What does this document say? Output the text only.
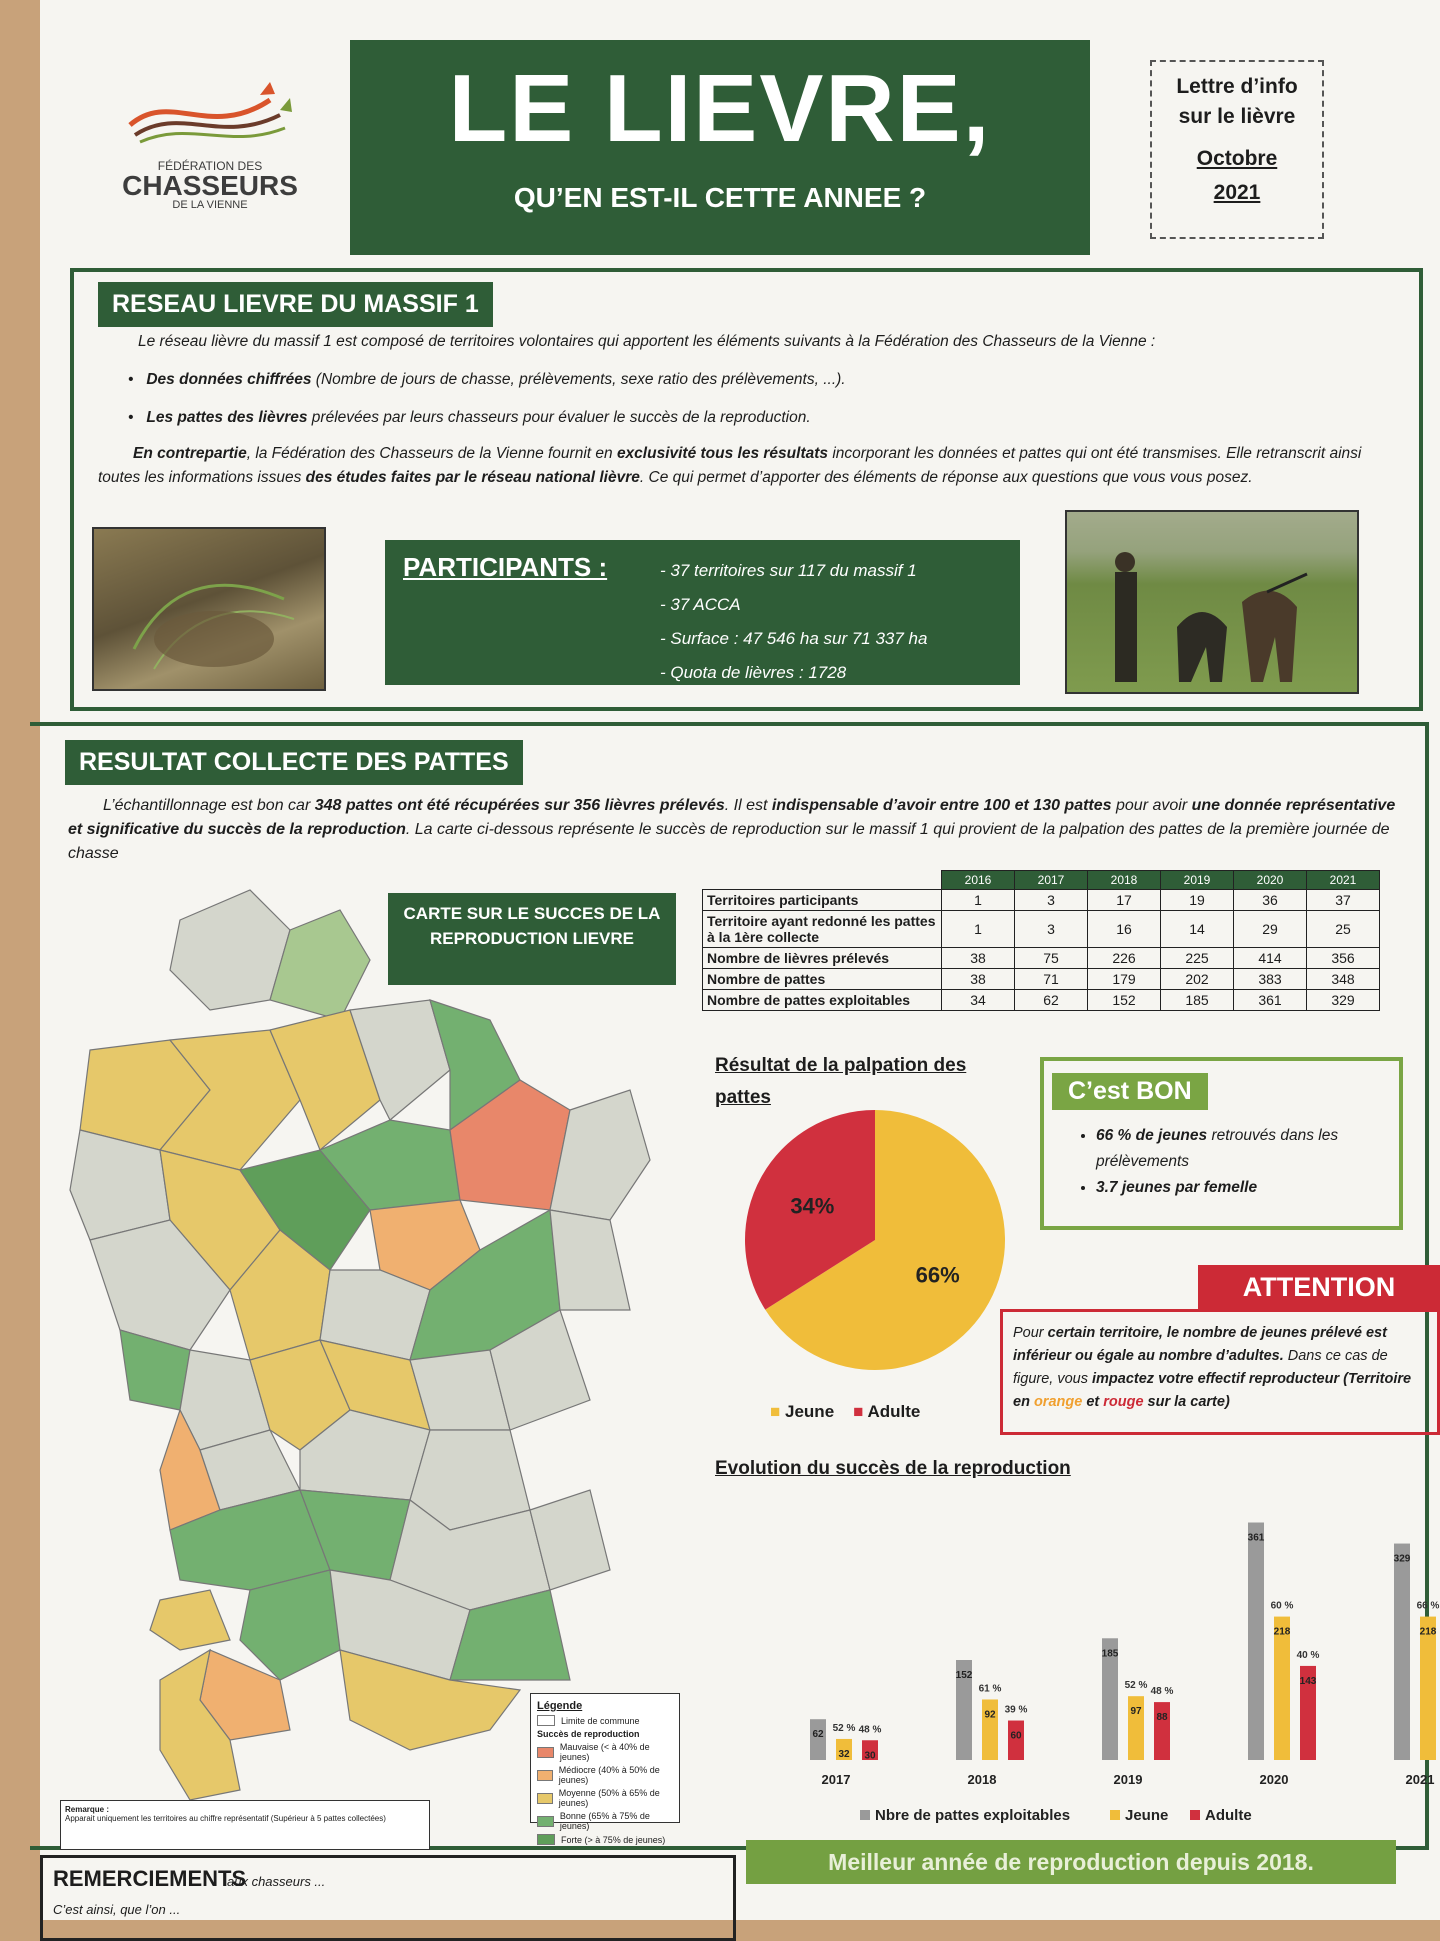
FÉDÉRATION DES
CHASSEURS
DE LA VIENNE
LE LIEVRE,
QU’EN EST-IL CETTE ANNEE ?
Lettre d’info
sur le lièvre
Octobre
2021
RESEAU LIEVRE DU MASSIF 1
Le réseau lièvre du massif 1 est composé de territoires volontaires qui apportent les éléments suivants à la Fédération des Chasseurs de la Vienne :
•   Des données chiffrées (Nombre de jours de chasse, prélèvements, sexe ratio des prélèvements, ...).
•   Les pattes des lièvres prélevées par leurs chasseurs pour évaluer le succès de la reproduction.
En contrepartie, la Fédération des Chasseurs de la Vienne fournit en exclusivité tous les résultats incorporant les données et pattes qui ont été transmises. Elle retranscrit ainsi toutes les informations issues des études faites par le réseau national lièvre. Ce qui permet d’apporter des éléments de réponse aux questions que vous vous posez.
PARTICIPANTS :	- 37 territoires sur 117 du massif 1
- 37 ACCA
- Surface : 47 546 ha sur 71 337 ha
- Quota de lièvres : 1728
RESULTAT COLLECTE DES PATTES
L’échantillonnage est bon car 348 pattes ont été récupérées sur 356 lièvres prélevés. Il est indispensable d’avoir entre 100 et 130 pattes pour avoir une donnée représentative et significative du succès de la reproduction. La carte ci-dessous représente le succès de reproduction sur le massif 1 qui provient de la palpation des pattes de la première journée de chasse
CARTE SUR LE SUCCES DE LA REPRODUCTION LIEVRE
Légende
Limite de commune
Succès de reproduction
Mauvaise (< à 40% de jeunes)
Médiocre (40% à 50% de jeunes)
Moyenne (50% à 65% de jeunes)
Bonne (65% à 75% de jeunes)
Forte (> à 75% de jeunes)
Remarque :
Apparait uniquement les territoires au chiffre représentatif (Supérieur à 5 pattes collectées)
	2016	2017	2018	2019	2020	2021
Territoires participants	1	3	17	19	36	37
Territoire ayant redonné les pattes à la 1ère collecte	1	3	16	14	29	25
Nombre de lièvres prélevés	38	75	226	225	414	356
Nombre de pattes	38	71	179	202	383	348
Nombre de pattes exploitables	34	62	152	185	361	329
Résultat de la palpation des pattes
66%
34%
■ Jeune ■ Adulte
C’est BON
• 66 % de jeunes retrouvés dans les prélèvements
• 3.7 jeunes par femelle
ATTENTION
Pour certain territoire, le nombre de jeunes prélevé est inférieur ou égale au nombre d’adultes. Dans ce cas de figure, vous impactez votre effectif reproducteur (Territoire en orange et rouge sur la carte)
Evolution du succès de la reproduction
62
32
52 %
30
48 %
2017
152
92
61 %
60
39 %
2018
185
97
52 %
88
48 %
2019
361
218
60 %
143
40 %
2020
329
218
66 %
2021
Nbre de pattes exploitables	Jeune Adulte
Meilleur année de reproduction depuis 2018.
REMERCIEMENTS
aux chasseurs ...
C’est ainsi, que l’on ...
